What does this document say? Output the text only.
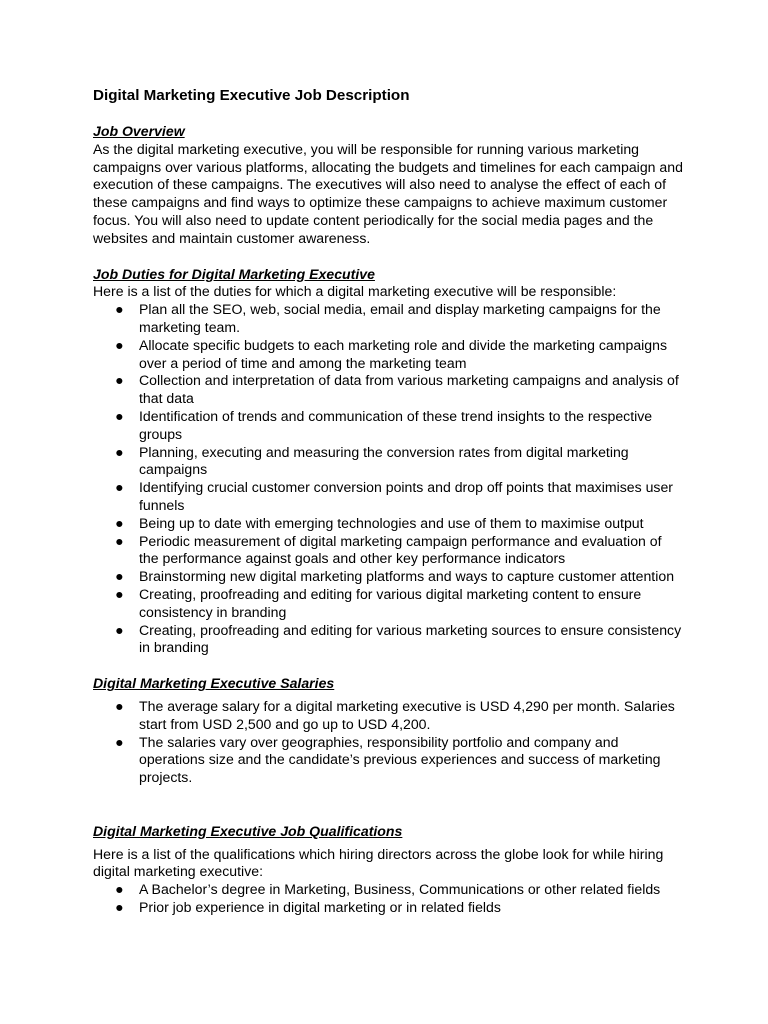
Digital Marketing Executive Job Description

Job Overview

As the digital marketing executive, you will be responsible for running various marketing campaigns over various platforms, allocating the budgets and timelines for each campaign and execution of these campaigns. The executives will also need to analyse the effect of each of these campaigns and find ways to optimize these campaigns to achieve maximum customer focus. You will also need to update content periodically for the social media pages and the websites and maintain customer awareness.

Job Duties for Digital Marketing Executive

Here is a list of the duties for which a digital marketing executive will be responsible:

● Plan all the SEO, web, social media, email and display marketing campaigns for the marketing team.
● Allocate specific budgets to each marketing role and divide the marketing campaigns over a period of time and among the marketing team
● Collection and interpretation of data from various marketing campaigns and analysis of that data
● Identification of trends and communication of these trend insights to the respective groups
● Planning, executing and measuring the conversion rates from digital marketing campaigns
● Identifying crucial customer conversion points and drop off points that maximises user funnels
● Being up to date with emerging technologies and use of them to maximise output
● Periodic measurement of digital marketing campaign performance and evaluation of the performance against goals and other key performance indicators
● Brainstorming new digital marketing platforms and ways to capture customer attention
● Creating, proofreading and editing for various digital marketing content to ensure consistency in branding
● Creating, proofreading and editing for various marketing sources to ensure consistency in branding

Digital Marketing Executive Salaries

● The average salary for a digital marketing executive is USD 4,290 per month. Salaries start from USD 2,500 and go up to USD 4,200.
● The salaries vary over geographies, responsibility portfolio and company and operations size and the candidate’s previous experiences and success of marketing projects.

Digital Marketing Executive Job Qualifications

Here is a list of the qualifications which hiring directors across the globe look for while hiring digital marketing executive:

● A Bachelor’s degree in Marketing, Business, Communications or other related fields
● Prior job experience in digital marketing or in related fields
